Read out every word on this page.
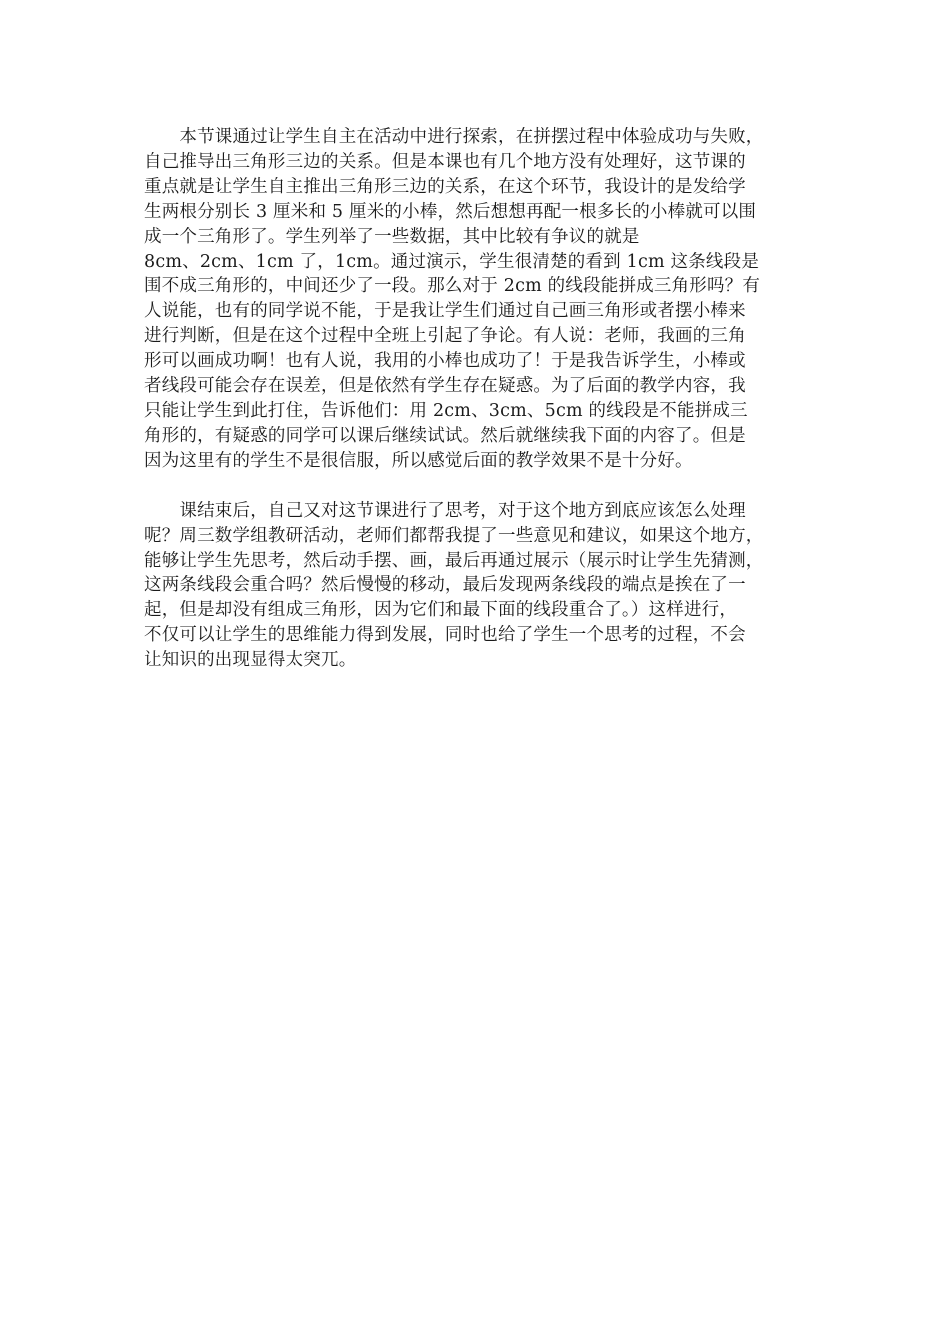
　　本节课通过让学生自主在活动中进行探索，在拼摆过程中体验成功与失败，
自己推导出三角形三边的关系。但是本课也有几个地方没有处理好，这节课的
重点就是让学生自主推出三角形三边的关系，在这个环节，我设计的是发给学
生两根分别长 3 厘米和 5 厘米的小棒，然后想想再配一根多长的小棒就可以围
成一个三角形了。学生列举了一些数据，其中比较有争议的就是
8cm、2cm、1cm 了，1cm。通过演示，学生很清楚的看到 1cm 这条线段是
围不成三角形的，中间还少了一段。那么对于 2cm 的线段能拼成三角形吗？有
人说能，也有的同学说不能，于是我让学生们通过自己画三角形或者摆小棒来
进行判断，但是在这个过程中全班上引起了争论。有人说：老师，我画的三角
形可以画成功啊！也有人说，我用的小棒也成功了！于是我告诉学生，小棒或
者线段可能会存在误差，但是依然有学生存在疑惑。为了后面的教学内容，我
只能让学生到此打住，告诉他们：用 2cm、3cm、5cm 的线段是不能拼成三
角形的，有疑惑的同学可以课后继续试试。然后就继续我下面的内容了。但是
因为这里有的学生不是很信服，所以感觉后面的教学效果不是十分好。
　　课结束后，自己又对这节课进行了思考，对于这个地方到底应该怎么处理
呢？周三数学组教研活动，老师们都帮我提了一些意见和建议，如果这个地方，
能够让学生先思考，然后动手摆、画，最后再通过展示（展示时让学生先猜测，
这两条线段会重合吗？然后慢慢的移动，最后发现两条线段的端点是挨在了一
起，但是却没有组成三角形，因为它们和最下面的线段重合了。）这样进行，
不仅可以让学生的思维能力得到发展，同时也给了学生一个思考的过程，不会
让知识的出现显得太突兀。
